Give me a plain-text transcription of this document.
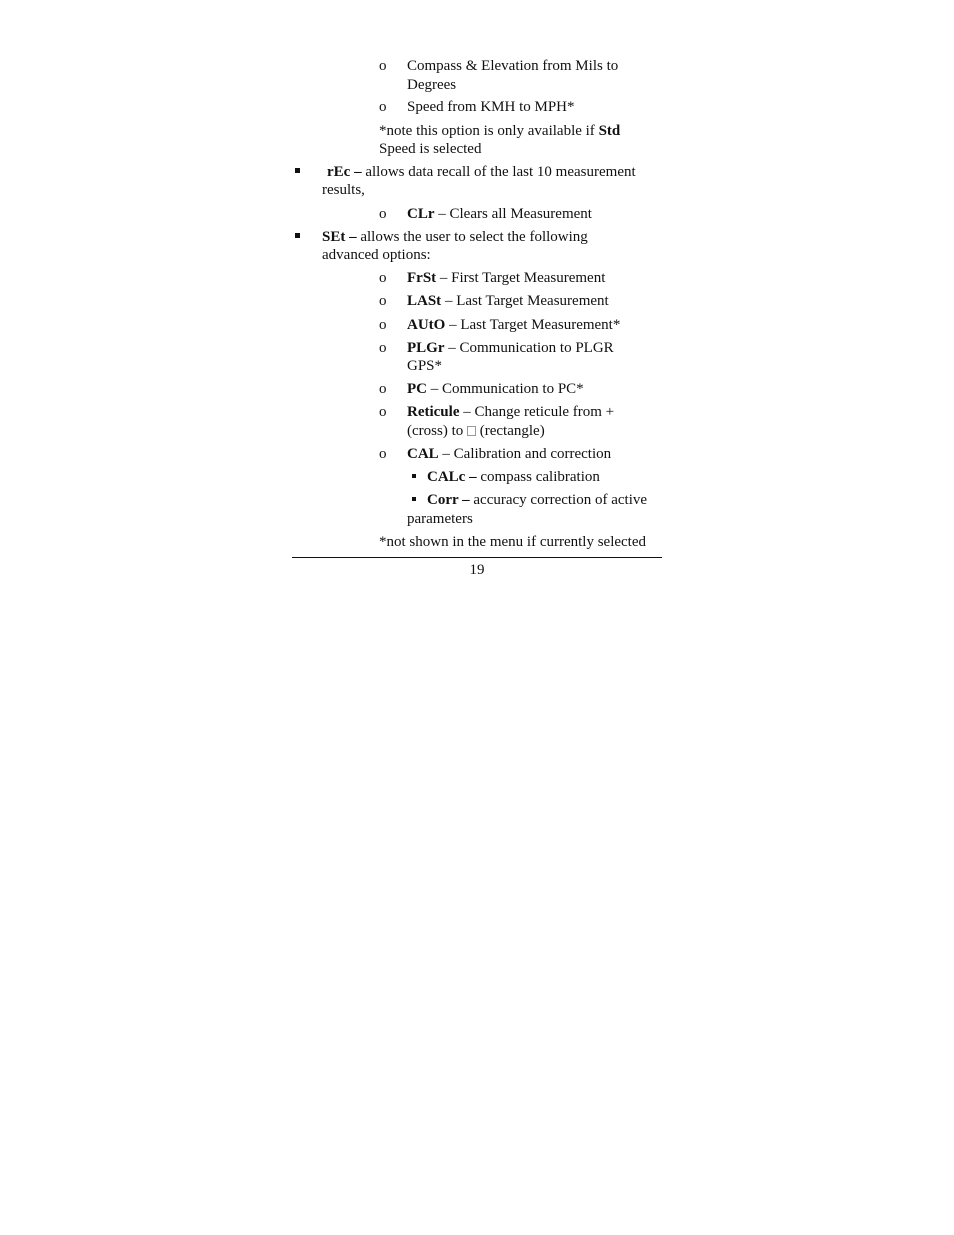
o Compass & Elevation from Mils to
Degrees
o Speed from KMH to MPH*
*note this option is only available if Std
Speed is selected
rEc – allows data recall of the last 10 measurement
results,
o CLr – Clears all Measurement
SEt – allows the user to select the following
advanced options:
o FrSt – First Target Measurement
o LASt – Last Target Measurement
o AUtO – Last Target Measurement*
o PLGr – Communication to PLGR
GPS*
o PC – Communication to PC*
o Reticule – Change reticule from +
(cross) to  (rectangle)
o CAL – Calibration and correction
CALc – compass calibration
Corr – accuracy correction of active
parameters
*not shown in the menu if currently selected
19
